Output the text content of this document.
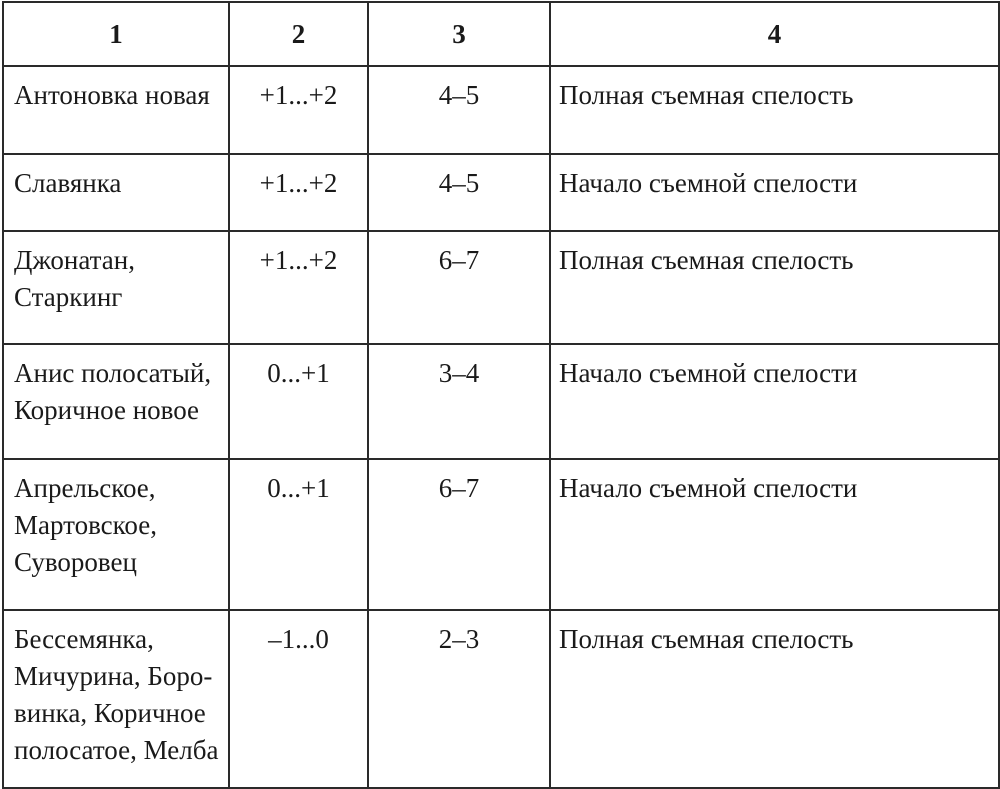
1	2	3	4

Антоновка новая	+1...+2	4–5	Полная съемная спелость

Славянка	+1...+2	4–5	Начало съемной спелости

Джонатан,
Старкинг	+1...+2	6–7	Полная съемная спелость

Анис полосатый,
Коричное новое	0...+1	3–4	Начало съемной спелости

Апрельское,
Мартовское,
Суворовец	0...+1	6–7	Начало съемной спелости

Бессемянка,
Мичурина, Боро-
винка, Коричное
полосатое, Мелба	–1...0	2–3	Полная съемная спелость
